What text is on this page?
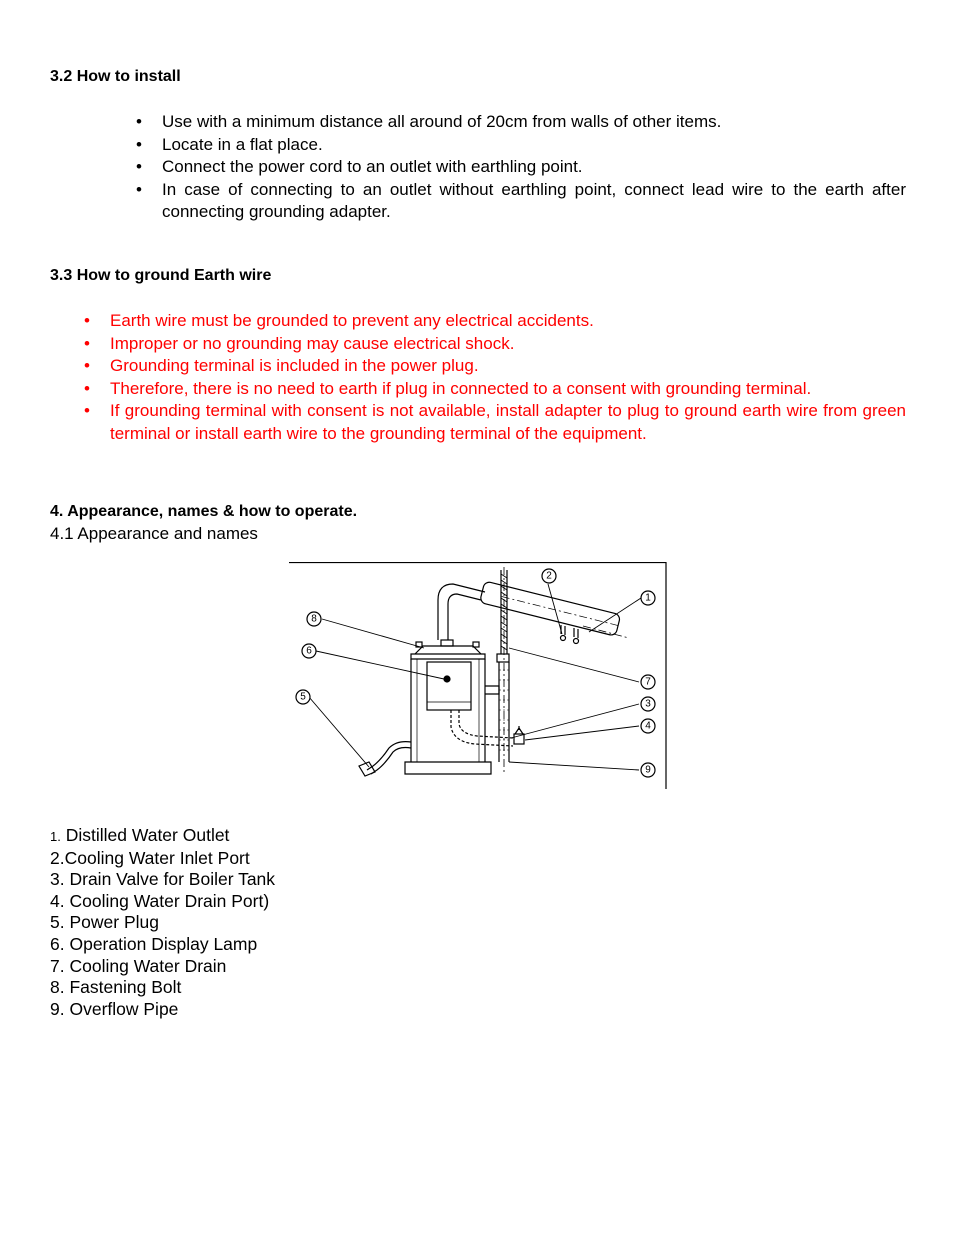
3.2 How to install
• Use with a minimum distance all around of 20cm from walls of other items.
• Locate in a flat place.
• Connect the power cord to an outlet with earthling point.
• In case of connecting to an outlet without earthling point, connect lead wire to the earth after connecting grounding adapter.
3.3 How to ground Earth wire
• Earth wire must be grounded to prevent any electrical accidents.
• Improper or no grounding may cause electrical shock.
• Grounding terminal is included in the power plug.
• Therefore, there is no need to earth if plug in connected to a consent with grounding terminal.
• If grounding terminal with consent is not available, install adapter to plug to ground earth wire from green terminal or install earth wire to the grounding terminal of the equipment.
4. Appearance, names & how to operate.

4.1 Appearance and names

1
2
3
4
5
6
7
8
9
1. Distilled Water Outlet
2.Cooling Water Inlet Port
3. Drain Valve for Boiler Tank
4. Cooling Water Drain Port)
5. Power Plug
6. Operation Display Lamp
7. Cooling Water Drain
8. Fastening Bolt
9. Overflow Pipe
